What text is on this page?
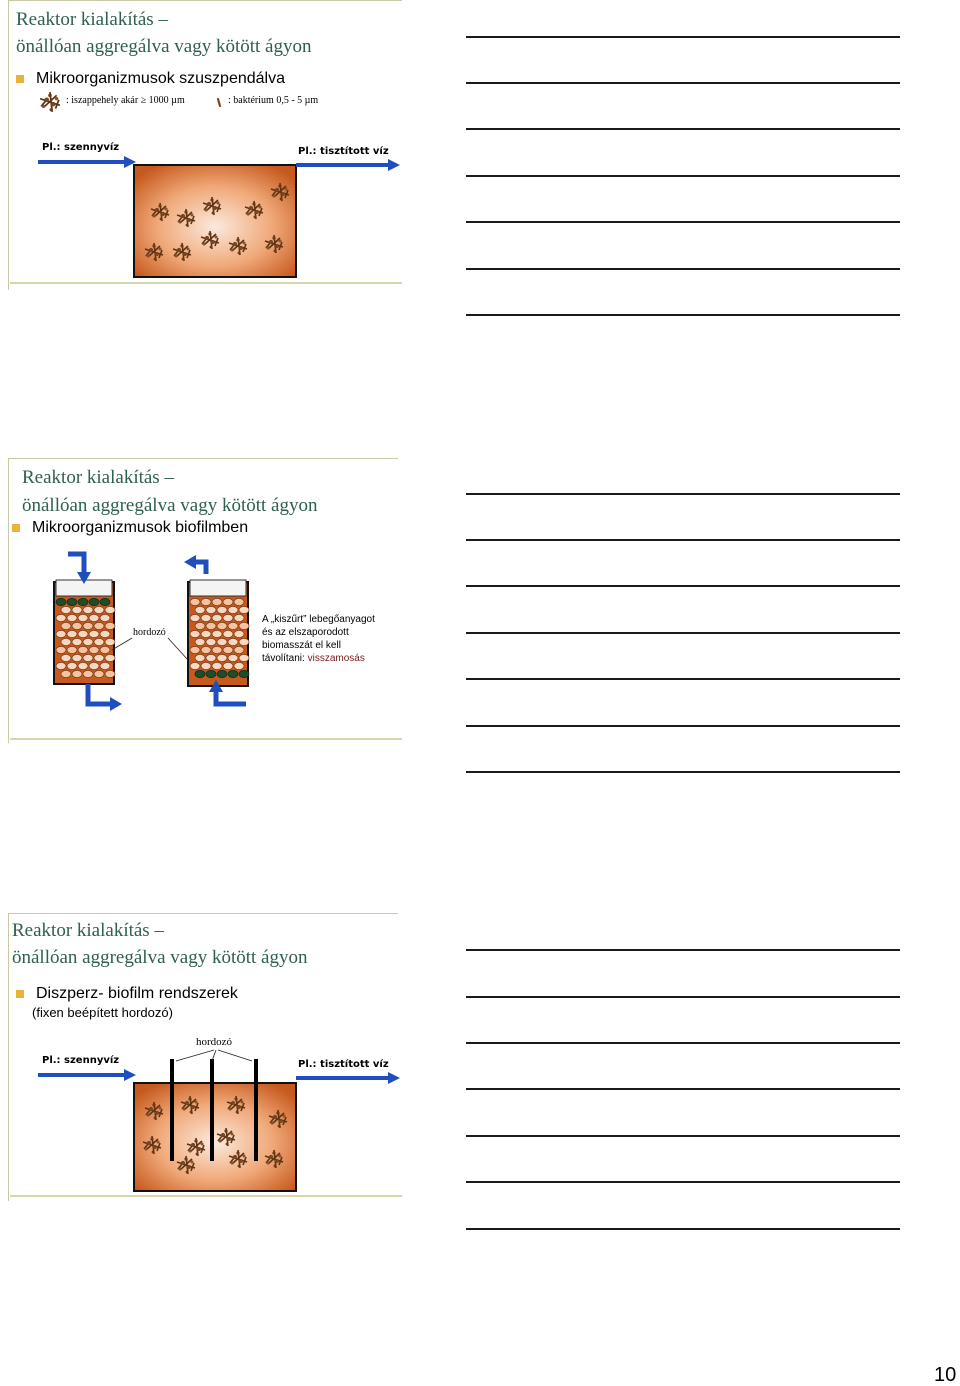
Reaktor kialakítás –
önállóan aggregálva vagy kötött ágyon
Mikroorganizmusok szuszpendálva
: iszappehely akár ≥ 1000 µm	: baktérium 0,5 - 5 µm
Pl.: szennyvíz	Pl.: tisztított víz
Reaktor kialakítás –
önállóan aggregálva vagy kötött ágyon
Mikroorganizmusok biofilmben
hordozó
A „kiszűrt” lebegőanyagot
és az elszaporodott
biomasszát el kell
távolítani: visszamosás
Reaktor kialakítás –
önállóan aggregálva vagy kötött ágyon
Diszperz- biofilm rendszerek
(fixen beépített hordozó)
hordozó
Pl.: szennyvíz	Pl.: tisztított víz
10
